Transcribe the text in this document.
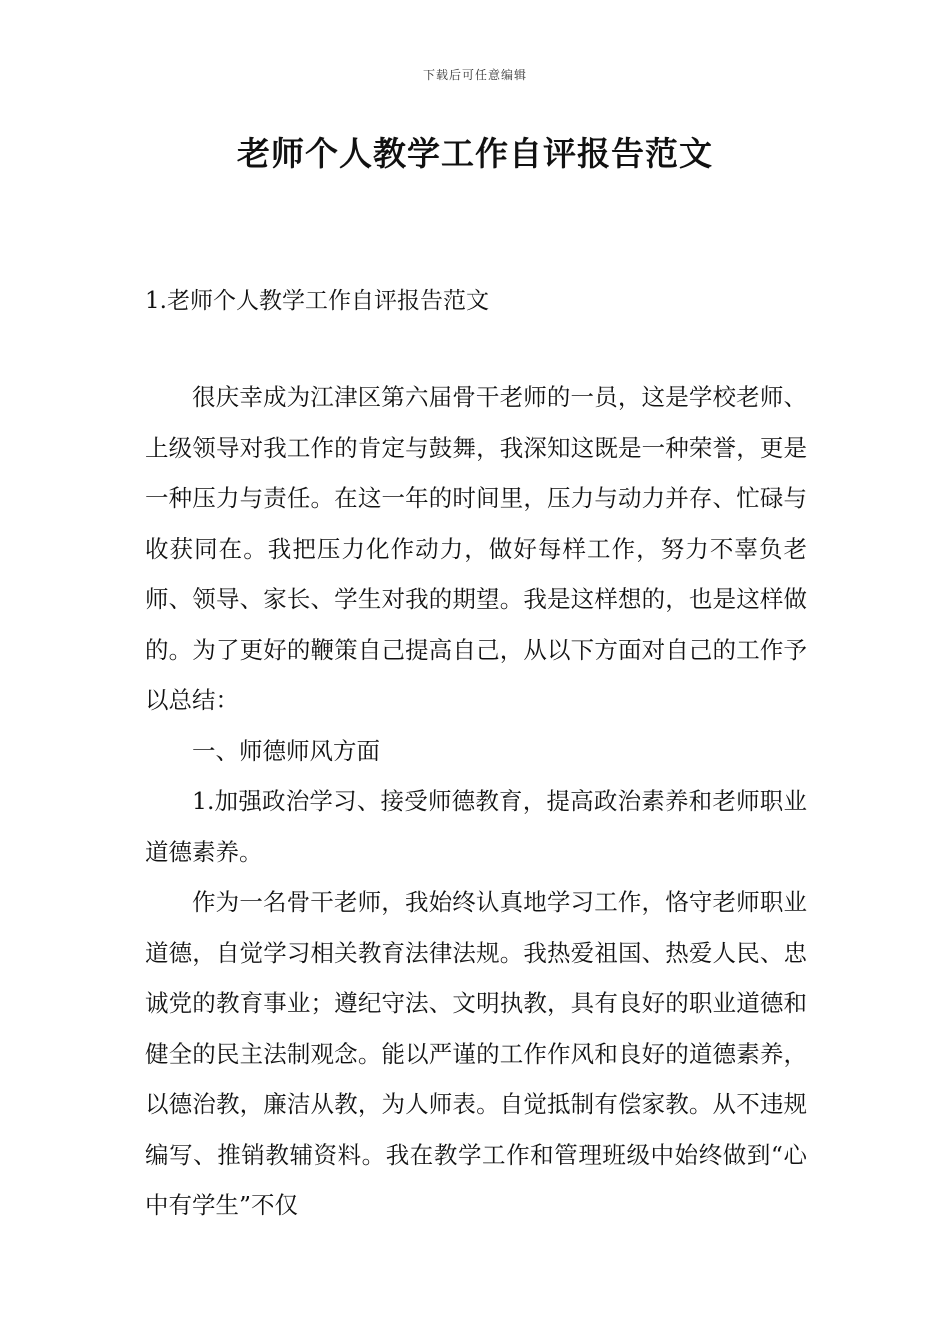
下载后可任意编辑
老师个人教学工作自评报告范文
1.老师个人教学工作自评报告范文

很庆幸成为江津区第六届骨干老师的一员，这是学校老师、上级领导对我工作的肯定与鼓舞，我深知这既是一种荣誉，更是一种压力与责任。在这一年的时间里，压力与动力并存、忙碌与收获同在。我把压力化作动力，做好每样工作，努力不辜负老师、领导、家长、学生对我的期望。我是这样想的，也是这样做的。为了更好的鞭策自己提高自己，从以下方面对自己的工作予以总结：

一、师德师风方面

1.加强政治学习、接受师德教育，提高政治素养和老师职业道德素养。

作为一名骨干老师，我始终认真地学习工作，恪守老师职业道德，自觉学习相关教育法律法规。我热爱祖国、热爱人民、忠诚党的教育事业；遵纪守法、文明执教，具有良好的职业道德和健全的民主法制观念。能以严谨的工作作风和良好的道德素养，以德治教，廉洁从教，为人师表。自觉抵制有偿家教。从不违规编写、推销教辅资料。我在教学工作和管理班级中始终做到“心中有学生”不仅
